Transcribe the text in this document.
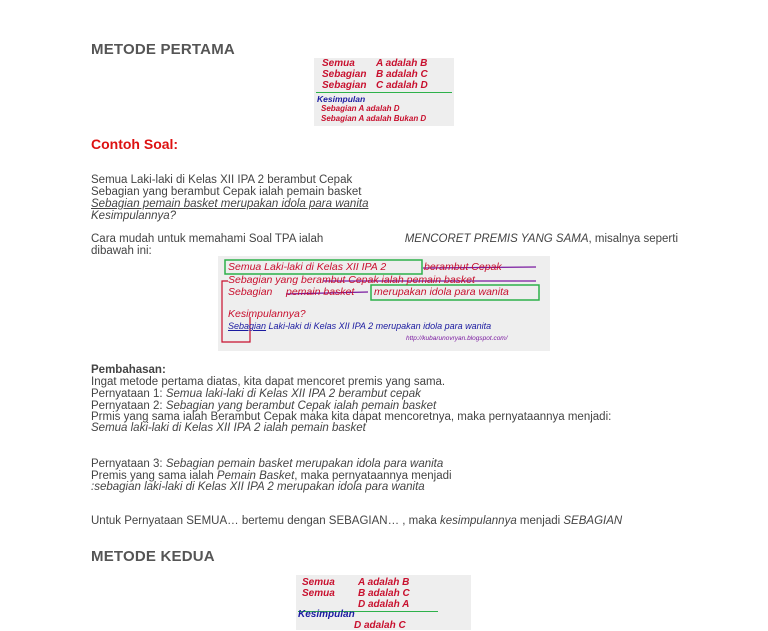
METODE PERTAMA
Semua A adalah B
Sebagian B adalah C
Sebagian C adalah D
Kesimpulan
Sebagian A adalah D
Sebagian A adalah Bukan D
Contoh Soal:
Semua Laki-laki di Kelas XII IPA 2 berambut Cepak
Sebagian yang berambut Cepak ialah pemain basket
Sebagian pemain basket merupakan idola para wanita
Kesimpulannya?
Cara mudah untuk memahami Soal TPA ialah	MENCORET PREMIS YANG SAMA, misalnya seperti
dibawah ini:
Semua Laki-laki di Kelas XII IPA 2	berambut Cepak
Sebagian yang b erambut Cepak ialah pemain basket
Sebagian pemain basket merupakan idola para wanita
Kesimpulannya?
Sebagian Laki-laki di Kelas XII IPA 2 merupakan idola para wanita
http://kubarunovryan.blogspot.com/
Pembahasan:
Ingat metode pertama diatas, kita dapat mencoret premis yang sama.
Pernyataan 1: Semua laki-laki di Kelas XII IPA 2 berambut cepak
Pernyataan 2: Sebagian yang berambut Cepak ialah pemain basket
Prmis yang sama ialah Berambut Cepak maka kita dapat mencoretnya, maka pernyataannya menjadi:
Semua laki-laki di Kelas XII IPA 2 ialah pemain basket
Pernyataan 3: Sebagian pemain basket merupakan idola para wanita
Premis yang sama ialah Pemain Basket, maka pernyataannya menjadi
:sebagian laki-laki di Kelas XII IPA 2 merupakan idola para wanita
Untuk Pernyataan SEMUA… bertemu dengan SEBAGIAN… , maka kesimpulannya menjadi SEBAGIAN
METODE KEDUA
Semua A adalah B
Semua B adalah C
D adalah A
Kesimpulan
D adalah C
